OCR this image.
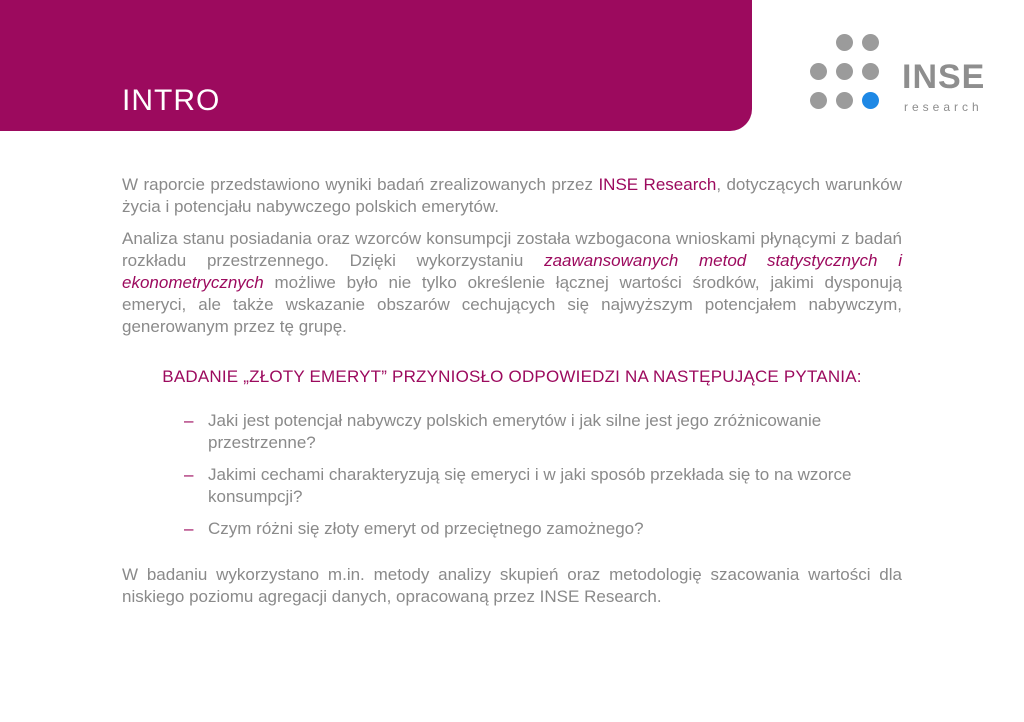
INTRO
INSE
research

W raporcie przedstawiono wyniki badań zrealizowanych przez INSE Research, dotyczących warunków życia i potencjału nabywczego polskich emerytów.

Analiza stanu posiadania oraz wzorców konsumpcji została wzbogacona wnioskami płynącymi z badań rozkładu przestrzennego. Dzięki wykorzystaniu zaawansowanych metod statystycznych i ekonometrycznych możliwe było nie tylko określenie łącznej wartości środków, jakimi dysponują emeryci, ale także wskazanie obszarów cechujących się najwyższym potencjałem nabywczym, generowanym przez tę grupę.

BADANIE „ZŁOTY EMERYT” PRZYNIOSŁO ODPOWIEDZI NA NASTĘPUJĄCE PYTANIA:
– Jaki jest potencjał nabywczy polskich emerytów i jak silne jest jego zróżnicowanie przestrzenne?
– Jakimi cechami charakteryzują się emeryci i w jaki sposób przekłada się to na wzorce konsumpcji?
– Czym różni się złoty emeryt od przeciętnego zamożnego?

W badaniu wykorzystano m.in. metody analizy skupień oraz metodologię szacowania wartości dla niskiego poziomu agregacji danych, opracowaną przez INSE Research.
